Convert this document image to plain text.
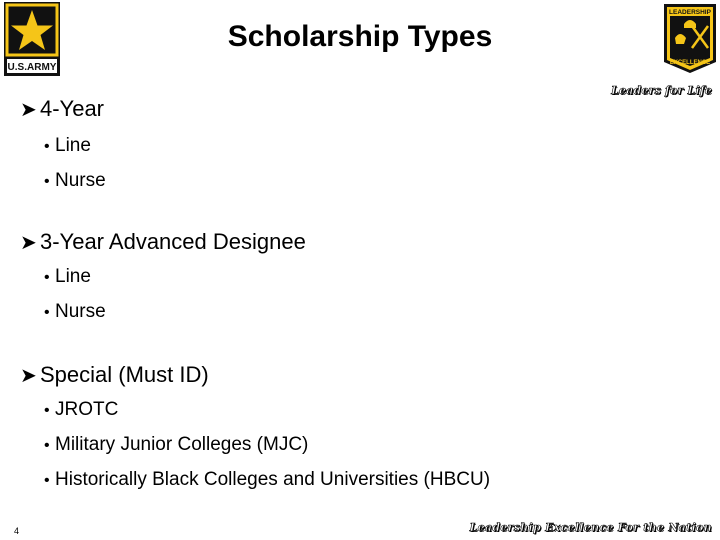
U.S.ARMY
LEADERSHIP
EXCELLENCE
Scholarship Types
Leaders for Life
➤ 4-Year
• Line
• Nurse
➤ 3-Year Advanced Designee
• Line
• Nurse
➤ Special (Must ID)
• JROTC
• Military Junior Colleges (MJC)
• Historically Black Colleges and Universities (HBCU)
4	Leadership Excellence For the Nation
